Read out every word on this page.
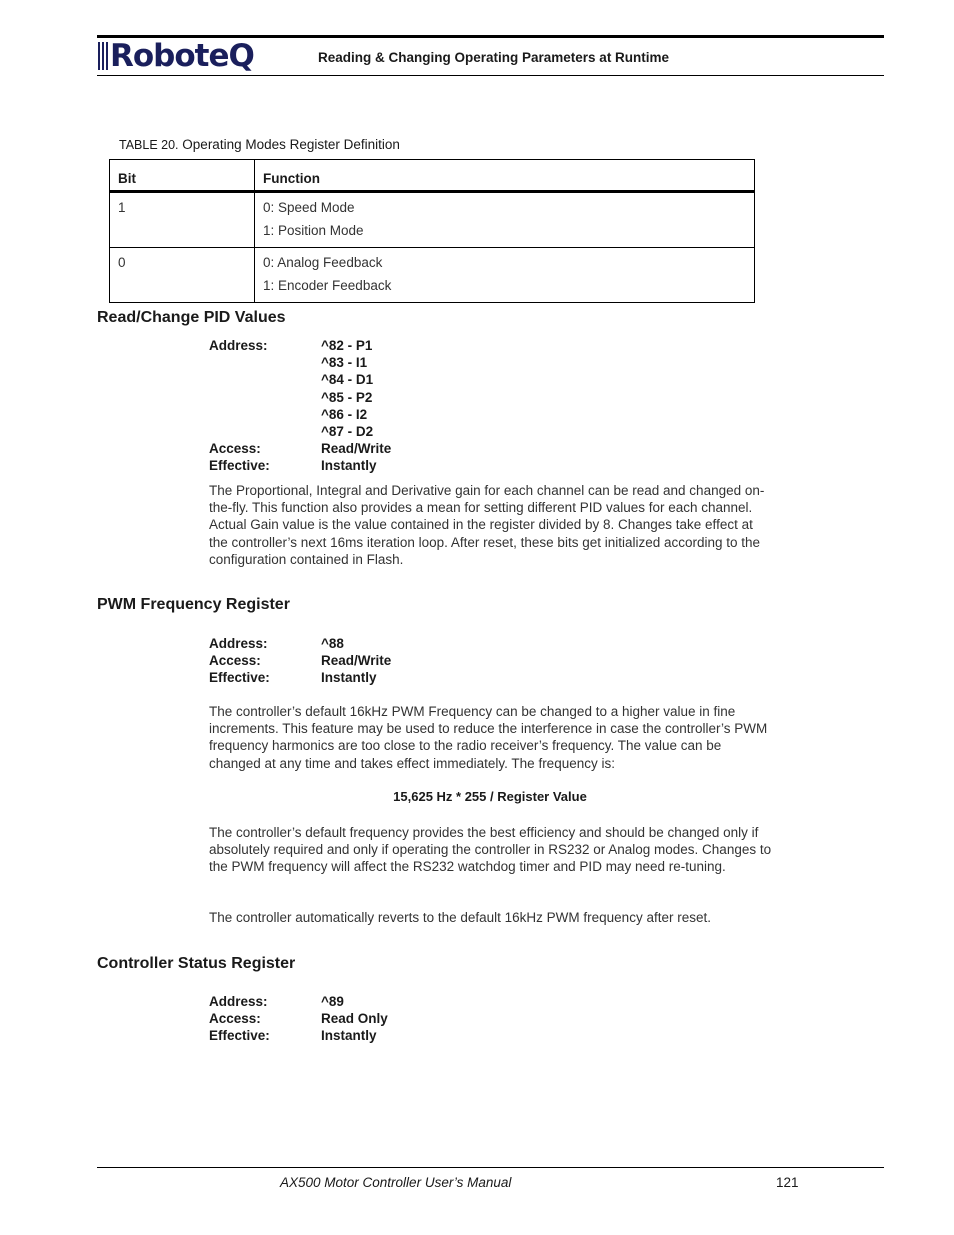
RoboteQ	Reading & Changing Operating Parameters at Runtime
TABLE 20. Operating Modes Register Definition
Bit	Function

1	0: Speed Mode
1: Position Mode

0	0: Analog Feedback
1: Encoder Feedback
Read/Change PID Values
Address:	^82 - P1
^83 - I1
^84 - D1
^85 - P2
^86 - I2
^87 - D2
Access:	Read/Write
Effective:	Instantly
The Proportional, Integral and Derivative gain for each channel can be read and changed on-the-fly. This function also provides a mean for setting different PID values for each channel. Actual Gain value is the value contained in the register divided by 8. Changes take effect at the controller’s next 16ms iteration loop. After reset, these bits get initialized according to the configuration contained in Flash.
PWM Frequency Register
Address:	^88
Access:	Read/Write
Effective:	Instantly
The controller’s default 16kHz PWM Frequency can be changed to a higher value in fine increments. This feature may be used to reduce the interference in case the controller’s PWM frequency harmonics are too close to the radio receiver’s frequency. The value can be changed at any time and takes effect immediately. The frequency is:
15,625 Hz * 255 / Register Value
The controller’s default frequency provides the best efficiency and should be changed only if absolutely required and only if operating the controller in RS232 or Analog modes. Changes to the PWM frequency will affect the RS232 watchdog timer and PID may need re-tuning.
The controller automatically reverts to the default 16kHz PWM frequency after reset.
Controller Status Register
Address:	^89
Access:	Read Only
Effective:	Instantly
AX500 Motor Controller User’s Manual	121
